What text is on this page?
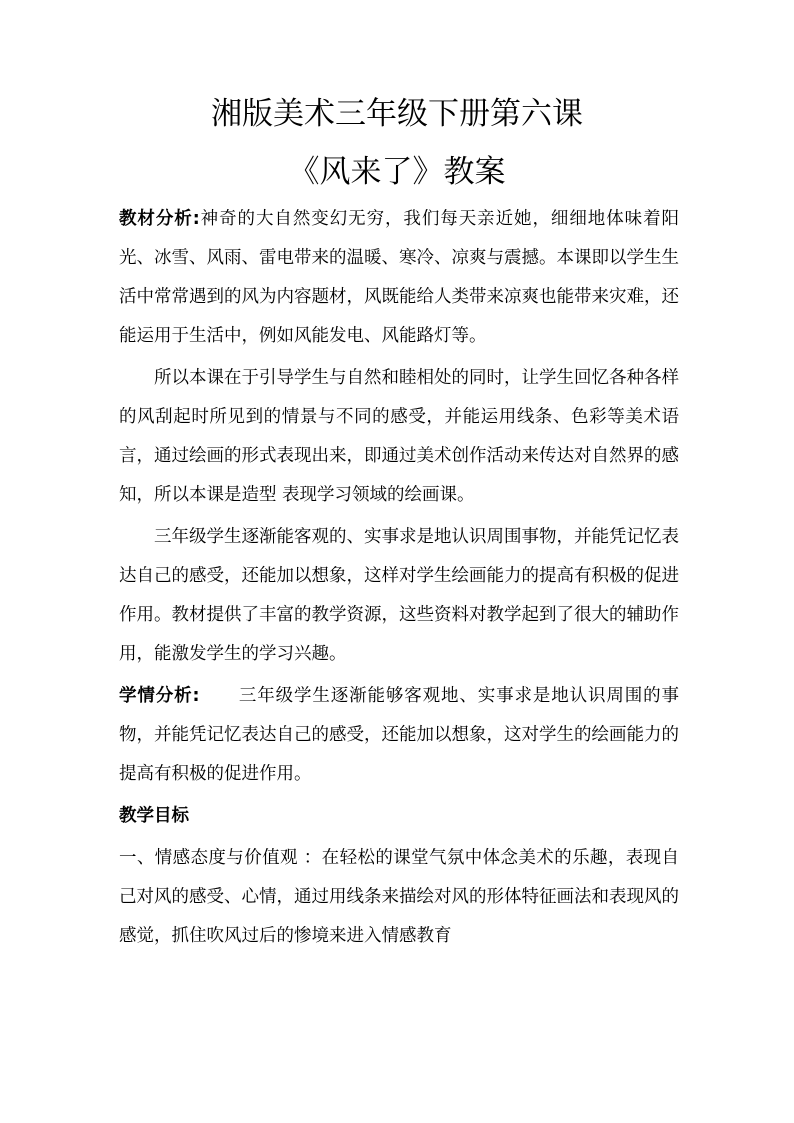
湘版美术三年级下册第六课
《风来了》教案

教材分析:神奇的大自然变幻无穷，我们每天亲近她，细细地体味着阳光、冰雪、风雨、雷电带来的温暖、寒冷、凉爽与震撼。本课即以学生生活中常常遇到的风为内容题材，风既能给人类带来凉爽也能带来灾难，还能运用于生活中，例如风能发电、风能路灯等。

所以本课在于引导学生与自然和睦相处的同时，让学生回忆各种各样的风刮起时所见到的情景与不同的感受，并能运用线条、色彩等美术语言，通过绘画的形式表现出来，即通过美术创作活动来传达对自然界的感知，所以本课是造型 表现学习领域的绘画课。

三年级学生逐渐能客观的、实事求是地认识周围事物，并能凭记忆表达自己的感受，还能加以想象，这样对学生绘画能力的提高有积极的促进作用。教材提供了丰富的教学资源，这些资料对教学起到了很大的辅助作用，能激发学生的学习兴趣。

学情分析: 三年级学生逐渐能够客观地、实事求是地认识周围的事物，并能凭记忆表达自己的感受，还能加以想象，这对学生的绘画能力的提高有积极的促进作用。

教学目标

一、情感态度与价值观 ：在轻松的课堂气氛中体念美术的乐趣，表现自己对风的感受、心情，通过用线条来描绘对风的形体特征画法和表现风的感觉，抓住吹风过后的惨境来进入情感教育
